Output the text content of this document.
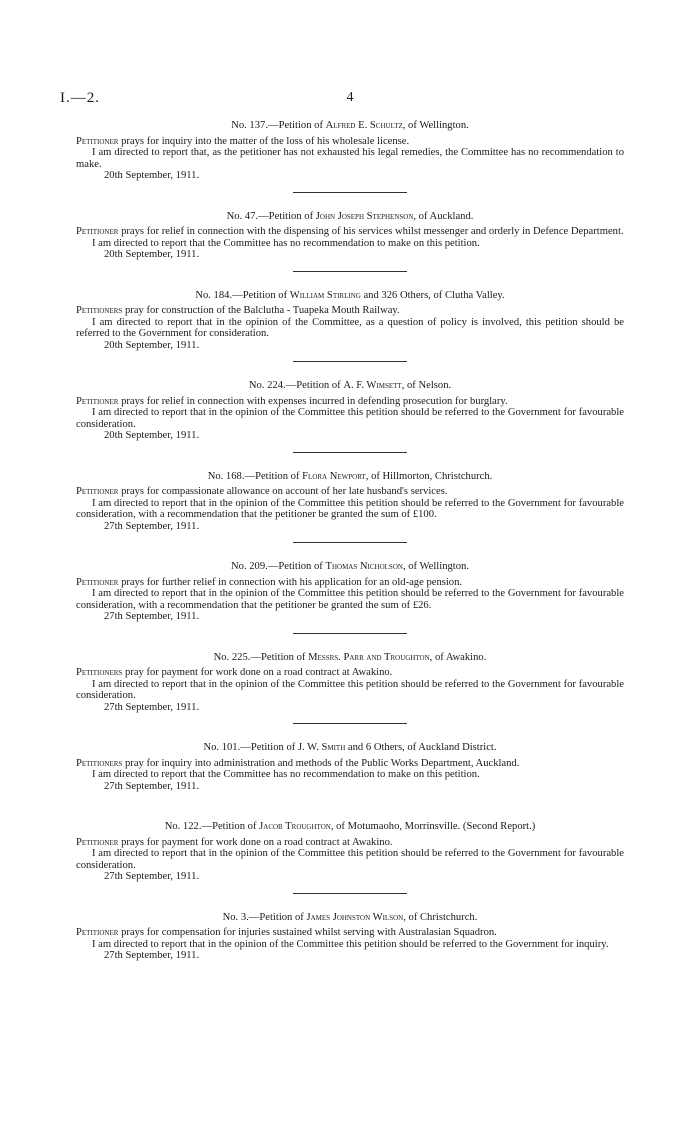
I.—2.	4
No. 137.—Petition of Alfred E. Schultz, of Wellington.

Petitioner prays for inquiry into the matter of the loss of his wholesale license.

I am directed to report that, as the petitioner has not exhausted his legal remedies, the Committee has no recommendation to make.

20th September, 1911.

No. 47.—Petition of John Joseph Stephenson, of Auckland.

Petitioner prays for relief in connection with the dispensing of his services whilst messenger and orderly in Defence Department.

I am directed to report that the Committee has no recommendation to make on this petition.

20th September, 1911.

No. 184.—Petition of William Stirling and 326 Others, of Clutha Valley.

Petitioners pray for construction of the Balclutha - Tuapeka Mouth Railway.

I am directed to report that in the opinion of the Committee, as a question of policy is involved, this petition should be referred to the Government for consideration.

20th September, 1911.

No. 224.—Petition of A. F. Wimsett, of Nelson.

Petitioner prays for relief in connection with expenses incurred in defending prosecution for burglary.

I am directed to report that in the opinion of the Committee this petition should be referred to the Government for favourable consideration.

20th September, 1911.

No. 168.—Petition of Flora Newport, of Hillmorton, Christchurch.

Petitioner prays for compassionate allowance on account of her late husband's services.

I am directed to report that in the opinion of the Committee this petition should be referred to the Government for favourable consideration, with a recommendation that the petitioner be granted the sum of £100.

27th September, 1911.

No. 209.—Petition of Thomas Nicholson, of Wellington.

Petitioner prays for further relief in connection with his application for an old-age pension.

I am directed to report that in the opinion of the Committee this petition should be referred to the Government for favourable consideration, with a recommendation that the petitioner be granted the sum of £26.

27th September, 1911.

No. 225.—Petition of Messrs. Parr and Troughton, of Awakino.

Petitioners pray for payment for work done on a road contract at Awakino.

I am directed to report that in the opinion of the Committee this petition should be referred to the Government for favourable consideration.

27th September, 1911.

No. 101.—Petition of J. W. Smith and 6 Others, of Auckland District.

Petitioners pray for inquiry into administration and methods of the Public Works Department, Auckland.

I am directed to report that the Committee has no recommendation to make on this petition.

27th September, 1911.

No. 122.—Petition of Jacob Troughton, of Motumaoho, Morrinsville. (Second Report.)

Petitioner prays for payment for work done on a road contract at Awakino.

I am directed to report that in the opinion of the Committee this petition should be referred to the Government for favourable consideration.

27th September, 1911.

No. 3.—Petition of James Johnston Wilson, of Christchurch.

Petitioner prays for compensation for injuries sustained whilst serving with Australasian Squadron.

I am directed to report that in the opinion of the Committee this petition should be referred to the Government for inquiry.

27th September, 1911.
